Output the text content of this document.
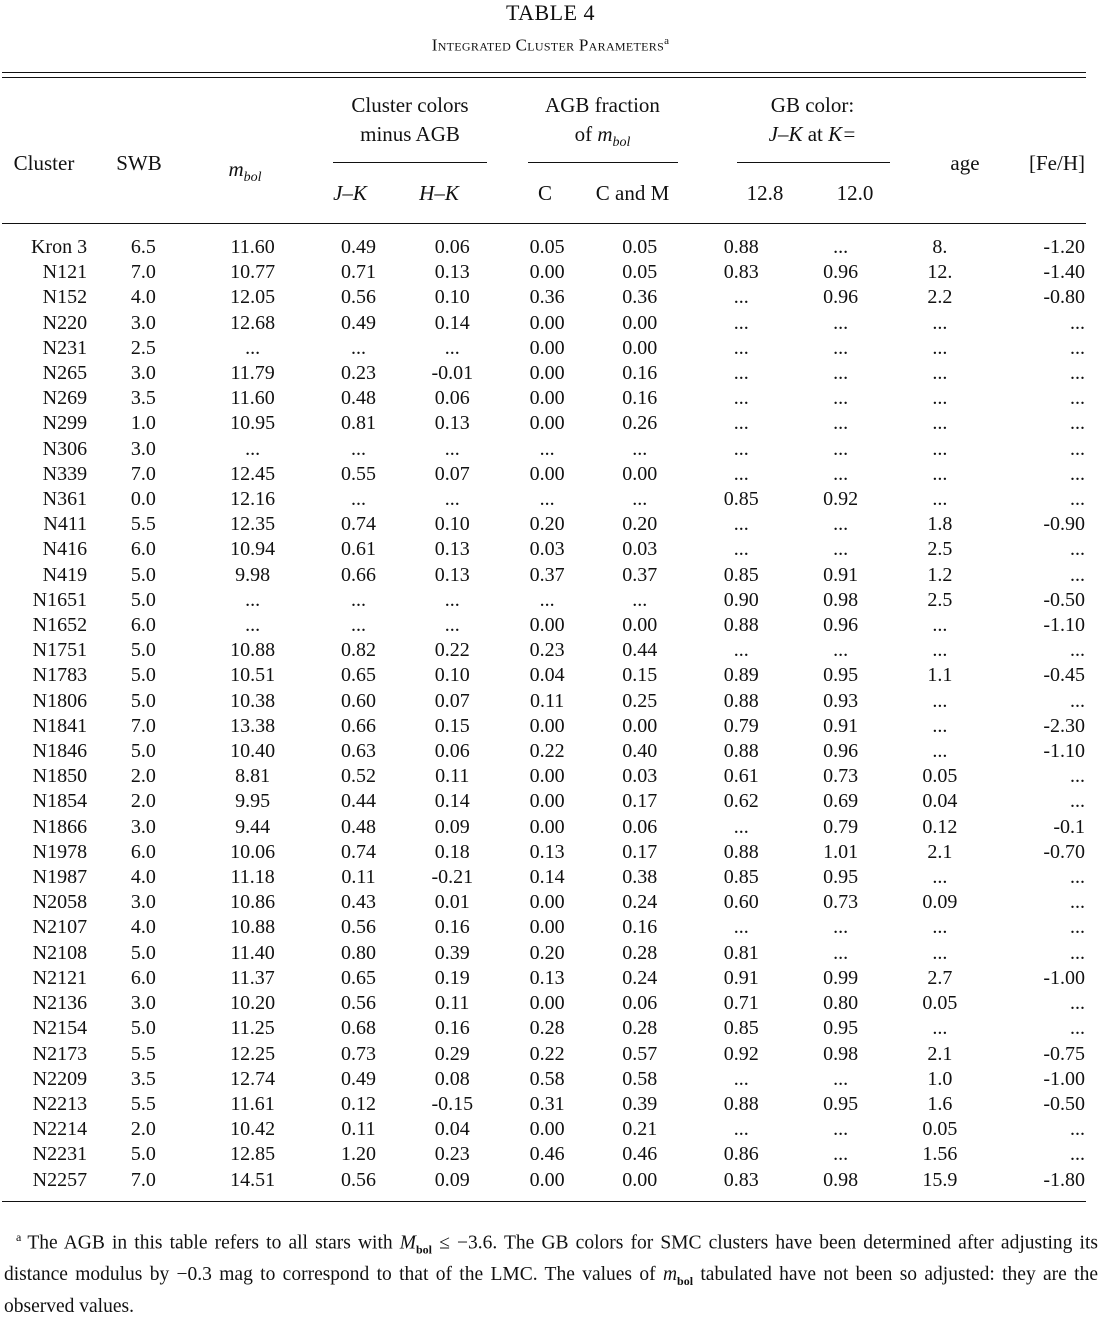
TABLE 4
Integrated Cluster Parameters$^a$
Cluster	SWB	$m_{bol}$
Cluster colors
minus AGB
J–K	H–K
AGB fraction
of $m_{bol}$
C	C and M
GB color:
J–K at K=
12.8	12.0
age	[Fe/H]
Kron 3	6.5	11.60	0.49	0.06	0.05	0.05	0.88	...	8.	-1.20
N121	7.0	10.77	0.71	0.13	0.00	0.05	0.83	0.96	12.	-1.40
N152	4.0	12.05	0.56	0.10	0.36	0.36	...	0.96	2.2	-0.80
N220	3.0	12.68	0.49	0.14	0.00	0.00	...	...	...	...
N231	2.5	...	...	...	0.00	0.00	...	...	...	...
N265	3.0	11.79	0.23	-0.01	0.00	0.16	...	...	...	...
N269	3.5	11.60	0.48	0.06	0.00	0.16	...	...	...	...
N299	1.0	10.95	0.81	0.13	0.00	0.26	...	...	...	...
N306	3.0	...	...	...	...	...	...	...	...	...
N339	7.0	12.45	0.55	0.07	0.00	0.00	...	...	...	...
N361	0.0	12.16	...	...	...	...	0.85	0.92	...	...
N411	5.5	12.35	0.74	0.10	0.20	0.20	...	...	1.8	-0.90
N416	6.0	10.94	0.61	0.13	0.03	0.03	...	...	2.5	...
N419	5.0	9.98	0.66	0.13	0.37	0.37	0.85	0.91	1.2	...
N1651	5.0	...	...	...	...	...	0.90	0.98	2.5	-0.50
N1652	6.0	...	...	...	0.00	0.00	0.88	0.96	...	-1.10
N1751	5.0	10.88	0.82	0.22	0.23	0.44	...	...	...	...
N1783	5.0	10.51	0.65	0.10	0.04	0.15	0.89	0.95	1.1	-0.45
N1806	5.0	10.38	0.60	0.07	0.11	0.25	0.88	0.93	...	...
N1841	7.0	13.38	0.66	0.15	0.00	0.00	0.79	0.91	...	-2.30
N1846	5.0	10.40	0.63	0.06	0.22	0.40	0.88	0.96	...	-1.10
N1850	2.0	8.81	0.52	0.11	0.00	0.03	0.61	0.73	0.05	...
N1854	2.0	9.95	0.44	0.14	0.00	0.17	0.62	0.69	0.04	...
N1866	3.0	9.44	0.48	0.09	0.00	0.06	...	0.79	0.12	-0.1
N1978	6.0	10.06	0.74	0.18	0.13	0.17	0.88	1.01	2.1	-0.70
N1987	4.0	11.18	0.11	-0.21	0.14	0.38	0.85	0.95	...	...
N2058	3.0	10.86	0.43	0.01	0.00	0.24	0.60	0.73	0.09	...
N2107	4.0	10.88	0.56	0.16	0.00	0.16	...	...	...	...
N2108	5.0	11.40	0.80	0.39	0.20	0.28	0.81	...	...	...
N2121	6.0	11.37	0.65	0.19	0.13	0.24	0.91	0.99	2.7	-1.00
N2136	3.0	10.20	0.56	0.11	0.00	0.06	0.71	0.80	0.05	...
N2154	5.0	11.25	0.68	0.16	0.28	0.28	0.85	0.95	...	...
N2173	5.5	12.25	0.73	0.29	0.22	0.57	0.92	0.98	2.1	-0.75
N2209	3.5	12.74	0.49	0.08	0.58	0.58	...	...	1.0	-1.00
N2213	5.5	11.61	0.12	-0.15	0.31	0.39	0.88	0.95	1.6	-0.50
N2214	2.0	10.42	0.11	0.04	0.00	0.21	...	...	0.05	...
N2231	5.0	12.85	1.20	0.23	0.46	0.46	0.86	...	1.56	...
N2257	7.0	14.51	0.56	0.09	0.00	0.00	0.83	0.98	15.9	-1.80
$^a$ The AGB in this table refers to all stars with $M_{bol} \le -3.6$. The GB colors for SMC clusters have been determined after adjusting its distance modulus by −0.3 mag to correspond to that of the LMC. The values of $m_{bol}$ tabulated have not been so adjusted: they are the observed values.
